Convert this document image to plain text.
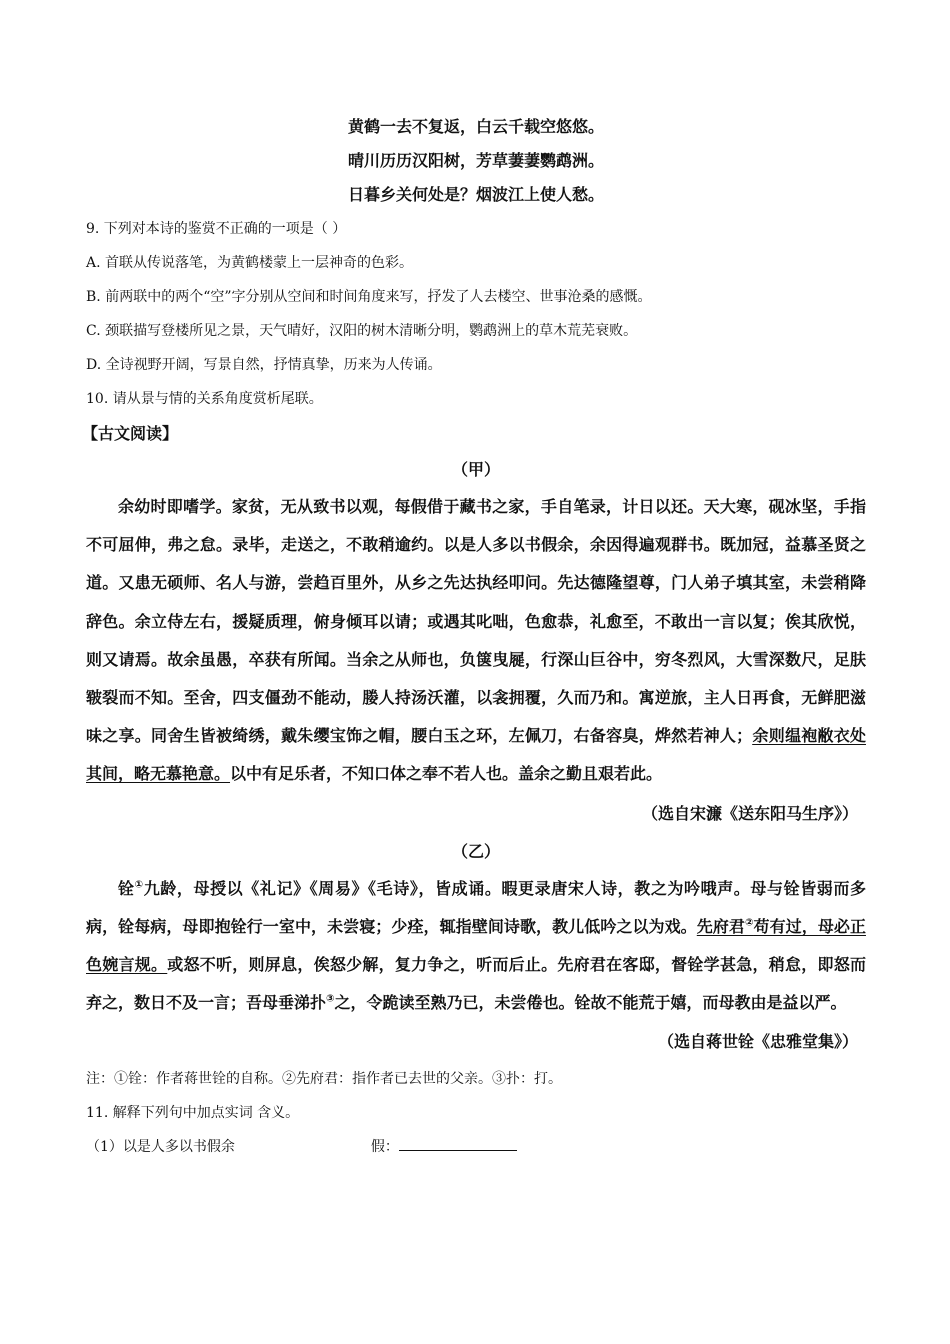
黄鹤一去不复返，白云千载空悠悠。
晴川历历汉阳树，芳草萋萋鹦鹉洲。
日暮乡关何处是？烟波江上使人愁。
9. 下列对本诗的鉴赏不正确的一项是（ ）
A. 首联从传说落笔，为黄鹤楼蒙上一层神奇的色彩。
B. 前两联中的两个“空”字分别从空间和时间角度来写，抒发了人去楼空、世事沧桑的感慨。
C. 颈联描写登楼所见之景，天气晴好，汉阳的树木清晰分明，鹦鹉洲上的草木荒芜衰败。
D. 全诗视野开阔，写景自然，抒情真挚，历来为人传诵。
10. 请从景与情的关系角度赏析尾联。
【古文阅读】
（甲）
余幼时即嗜学。家贫，无从致书以观，每假借于藏书之家，手自笔录，计日以还。天大寒，砚冰坚，手指不可屈伸，弗之怠。录毕，走送之，不敢稍逾约。以是人多以书假余，余因得遍观群书。既加冠，益慕圣贤之道。又患无硕师、名人与游，尝趋百里外，从乡之先达执经叩问。先达德隆望尊，门人弟子填其室，未尝稍降辞色。余立侍左右，援疑质理，俯身倾耳以请；或遇其叱咄，色愈恭，礼愈至，不敢出一言以复；俟其欣悦，则又请焉。故余虽愚，卒获有所闻。当余之从师也，负箧曳屣，行深山巨谷中，穷冬烈风，大雪深数尺，足肤皲裂而不知。至舍，四支僵劲不能动，媵人持汤沃灌，以衾拥覆，久而乃和。寓逆旅，主人日再食，无鲜肥滋味之享。同舍生皆被绮绣，戴朱缨宝饰之帽，腰白玉之环，左佩刀，右备容臭，烨然若神人；余则缊袍敝衣处其间，略无慕艳意。以中有足乐者，不知口体之奉不若人也。盖余之勤且艰若此。
（选自宋濂《送东阳马生序》）
（乙）
铨①九龄，母授以《礼记》《周易》《毛诗》，皆成诵。暇更录唐宋人诗，教之为吟哦声。母与铨皆弱而多病，铨每病，母即抱铨行一室中，未尝寝；少痊，辄指壁间诗歌，教儿低吟之以为戏。先府君②苟有过，母必正色婉言规。或怒不听，则屏息，俟怒少解，复力争之，听而后止。先府君在客邸，督铨学甚急，稍怠，即怒而弃之，数日不及一言；吾母垂涕扑③之，令跪读至熟乃已，未尝倦也。铨故不能荒于嬉，而母教由是益以严。
（选自蒋世铨《忠雅堂集》）
注：①铨：作者蒋世铨的自称。②先府君：指作者已去世的父亲。③扑：打。
11. 解释下列句中加点实词 含义。
（1）以是人多以书假余	假：
